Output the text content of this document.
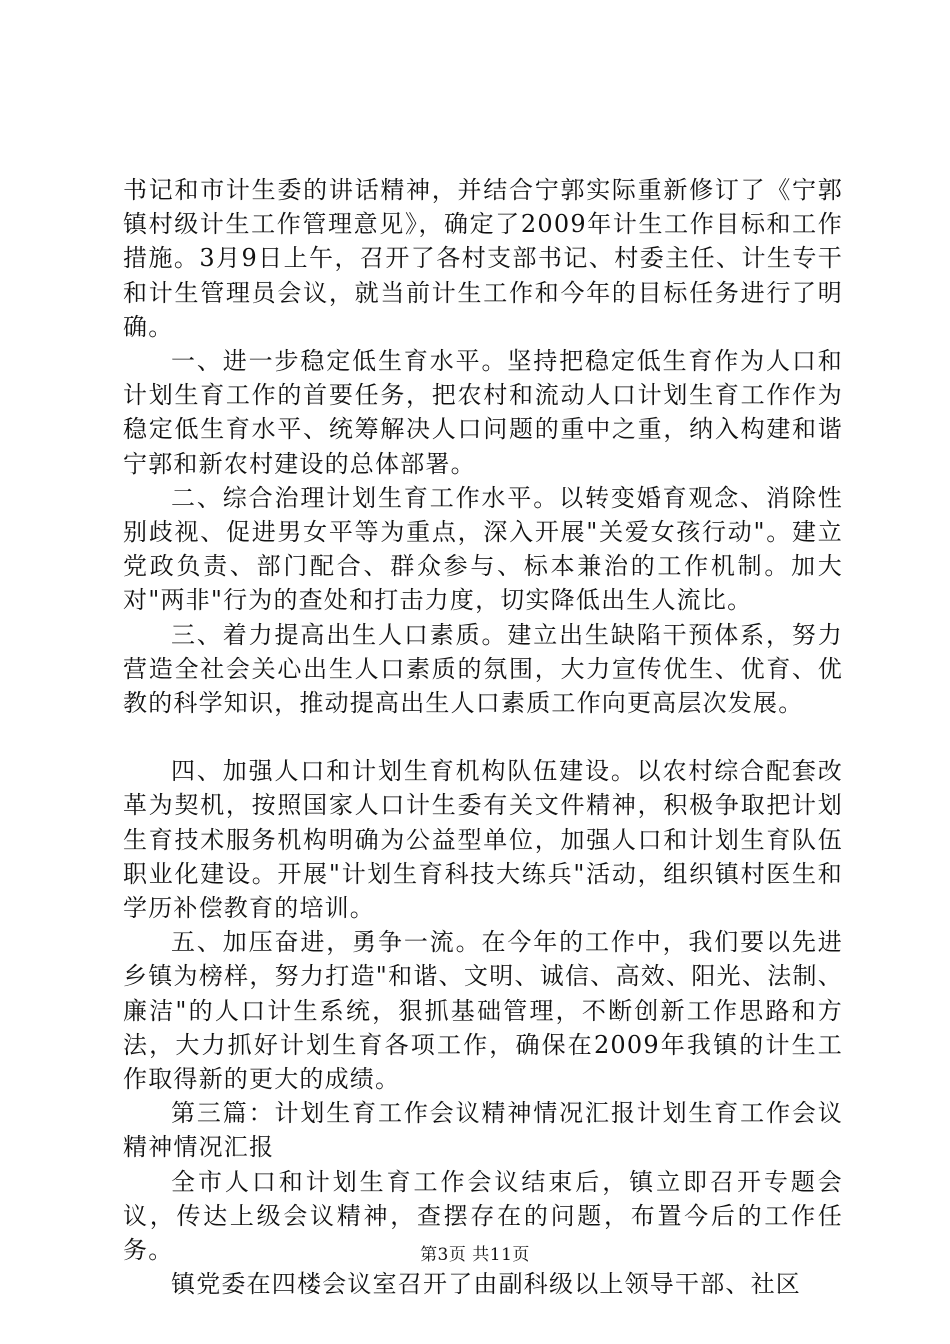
书记和市计生委的讲话精神，并结合宁郭实际重新修订了《宁郭镇村级计生工作管理意见》，确定了2009年计生工作目标和工作措施。3月9日上午，召开了各村支部书记、村委主任、计生专干和计生管理员会议，就当前计生工作和今年的目标任务进行了明确。

一、进一步稳定低生育水平。坚持把稳定低生育作为人口和计划生育工作的首要任务，把农村和流动人口计划生育工作作为稳定低生育水平、统筹解决人口问题的重中之重，纳入构建和谐宁郭和新农村建设的总体部署。

二、综合治理计划生育工作水平。以转变婚育观念、消除性别歧视、促进男女平等为重点，深入开展"关爱女孩行动"。建立党政负责、部门配合、群众参与、标本兼治的工作机制。加大对"两非"行为的查处和打击力度，切实降低出生人流比。

三、着力提高出生人口素质。建立出生缺陷干预体系，努力营造全社会关心出生人口素质的氛围，大力宣传优生、优育、优教的科学知识，推动提高出生人口素质工作向更高层次发展。

四、加强人口和计划生育机构队伍建设。以农村综合配套改革为契机，按照国家人口计生委有关文件精神，积极争取把计划生育技术服务机构明确为公益型单位，加强人口和计划生育队伍职业化建设。开展"计划生育科技大练兵"活动，组织镇村医生和学历补偿教育的培训。

五、加压奋进，勇争一流。在今年的工作中，我们要以先进乡镇为榜样，努力打造"和谐、文明、诚信、高效、阳光、法制、廉洁"的人口计生系统，狠抓基础管理，不断创新工作思路和方法，大力抓好计划生育各项工作，确保在2009年我镇的计生工作取得新的更大的成绩。

第三篇：计划生育工作会议精神情况汇报计划生育工作会议精神情况汇报

全市人口和计划生育工作会议结束后，镇立即召开专题会议，传达上级会议精神，查摆存在的问题，布置今后的工作任务。

镇党委在四楼会议室召开了由副科级以上领导干部、社区

第3页 共11页
